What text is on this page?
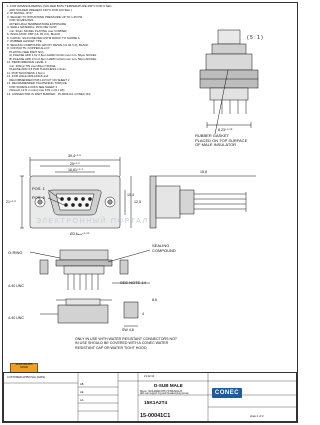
1. FOR WAVESOLDERING (SOLDER BATH TEMPERATURE 260°C FOR 6 SEC.
AND SOLDER PREHEAT 150°C FOR 100 SEC.)
2. IP RATING: IP 67
3. SEALED TO WITHSTAND PRESSURE UP TO 1.45 PSI
FOR 30 MINUTES
AFTER HIGH TEMPERATURE EXPOSURE
4. SHELL MATERIAL: ZINC DIE CAST,
min. 50µm NICKEL PLATING over COPPER.
5. INSULATOR: PBT (UL 94 V-0), BLACK
6. O-RING: SILICONE PER ASTM D2000: TO SHORE A
7. RUBBER GASKET: TPE
8. SEALING COMPOUND: EPOXY RESIN (UL 94 V-0), BLACK
9. CONTACTS: COPPER ALLOY
PLATING (SEE PART NO)
A) PLEASE ADD 1 for 0,6µm HARD GOLD over min. 50µm NICKEL
B) PLEASE ADD 3 for 0,8µm HARD GOLD over min. 50µm NICKEL
10. PERFORMANCE LEVEL 1:
min. 200cyc TIN over 80µm NICKEL
PLEASE ADD 0,5 PCB THICKNESS 1,6mm
11. PCB THICKNESS 1,6mm
12. FOR HOLE DRILLINGS and
RECOMMENDED PCB LAYOUT ON SHEET 2
13. RECOMMENDED TIGHTENING TORQUE
FOR SCREW-LOCKS SEE SHEET 2
(Wrench 12 N·m max) max 67N·m (6 x LB)
14. CONNECTOR IS PART MARKED   15-00041C1 CONEC (IN)
( 5 : 1 )
RUBBER GASKET
PLACED ON TOP SURFACE
OF MALE INSULATOR
8,23⁺⁰·⁰⁵
39,4⁺⁰·⁵
25⁺⁰·⁰
16,81⁺⁰·¹
12,5
21⁺⁰·⁵
10,4
15,8
Ø3,6ₘᵢₙ⁺⁰·⁰⁵
4-40 UNC
4-40 UNC
8,6
SW 4,8
4
POS. 1
POS. 6
O-RING
SEE NOTE 14
SEALING
COMPOUND
ЭЛЕКТРОННЫЙ ПОРТАЛ
ONLY IN USE WITH WATER RESISTANT CONNECTORS NOT
IN USE SHOULD BE COVERED WITH A CONEC WATER
RESISTANT CAP OR WATER TIGHT HOOD
RoHS 2011/65
SOLID
CUSTOMER APPROVAL (DATE)
AB
AE
AA
21.12.12
D-SUB MALE
9pos. SOLDER-PIN STRAIGHT
with rear support ring and threaded plug screws
15K1A2T4
15-00041C1	sheet 1 of 2
CONEC
